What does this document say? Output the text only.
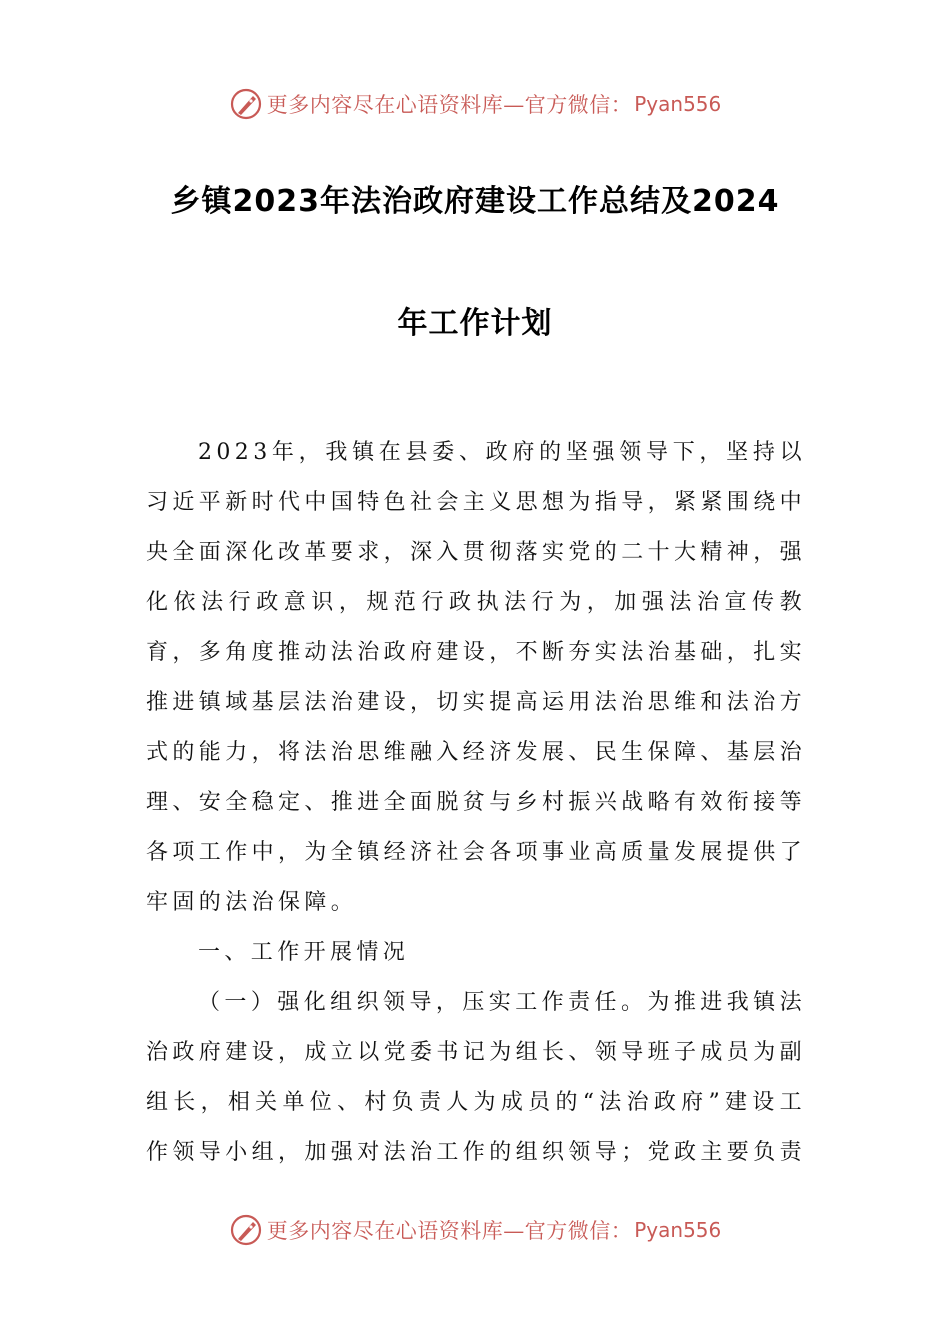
更多内容尽在心语资料库—官方微信： Pyan556
乡镇2023年法治政府建设工作总结及2024
年工作计划

2023年，我镇在县委、政府的坚强领导下，坚持以习近平新时代中国特色社会主义思想为指导，紧紧围绕中央全面深化改革要求，深入贯彻落实党的二十大精神，强化依法行政意识，规范行政执法行为，加强法治宣传教育，多角度推动法治政府建设，不断夯实法治基础，扎实推进镇域基层法治建设，切实提高运用法治思维和法治方式的能力，将法治思维融入经济发展、民生保障、基层治理、安全稳定、推进全面脱贫与乡村振兴战略有效衔接等各项工作中，为全镇经济社会各项事业高质量发展提供了牢固的法治保障。

一、工作开展情况

（一）强化组织领导，压实工作责任。为推进我镇法治政府建设，成立以党委书记为组长、领导班子成员为副组长，相关单位、村负责人为成员的“法治政府”建设工作领导小组，加强对法治工作的组织领导；党政主要负责

更多内容尽在心语资料库—官方微信： Pyan556
